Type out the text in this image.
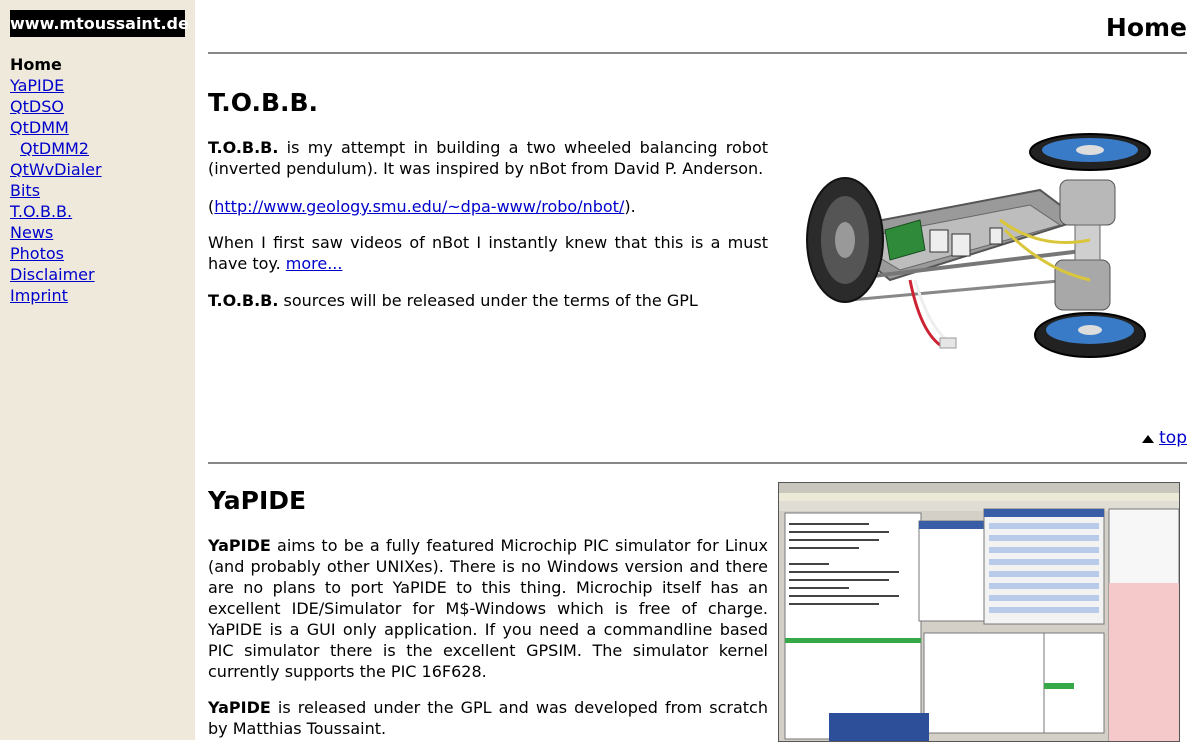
www.mtoussaint.de
Home
YaPIDE
QtDSO
QtDMM
QtDMM2
QtWvDialer
Bits
T.O.B.B.
News
Photos
Disclaimer
Imprint
Home
T.O.B.B.

T.O.B.B. is my attempt in building a two wheeled balancing robot (inverted pendulum). It was inspired by nBot from David P. Anderson.

(http://www.geology.smu.edu/~dpa-www/robo/nbot/).

When I first saw videos of nBot I instantly knew that this is a must have toy. more...

T.O.B.B. sources will be released under the terms of the GPL

top
YaPIDE

YaPIDE aims to be a fully featured Microchip PIC simulator for Linux (and probably other UNIXes). There is no Windows version and there are no plans to port YaPIDE to this thing. Microchip itself has an excellent IDE/Simulator for M$-Windows which is free of charge. YaPIDE is a GUI only application. If you need a commandline based PIC simulator there is the excellent GPSIM. The simulator kernel currently supports the PIC 16F628.

YaPIDE is released under the GPL and was developed from scratch by Matthias Toussaint.
